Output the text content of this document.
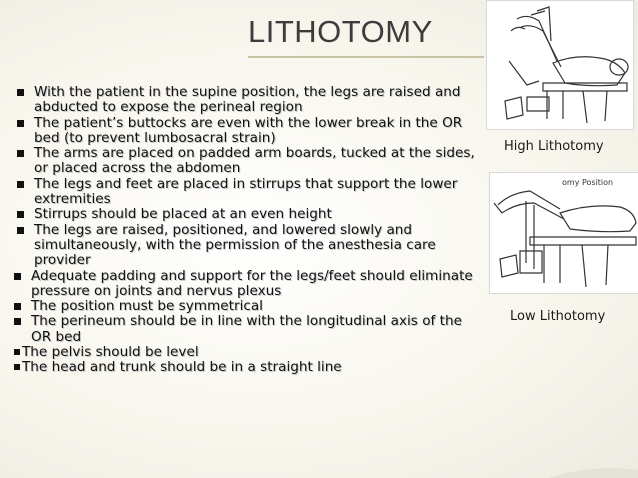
LITHOTOMY
With the patient in the supine position, the legs are raised and abducted to expose the perineal region
The patient’s buttocks are even with the lower break in the OR bed (to prevent lumbosacral strain)
The arms are placed on padded arm boards, tucked at the sides, or placed across the abdomen
The legs and feet are placed in stirrups that support the lower extremities
Stirrups should be placed at an even height
The legs are raised, positioned, and lowered slowly and simultaneously, with the permission of the anesthesia care provider
Adequate padding and support for the legs/feet should eliminate pressure on joints and nervus plexus
The position must be symmetrical
The perineum should be in line with the longitudinal axis of the OR bed
The pelvis should be level
The head and trunk should be in a straight line
High Lithotomy
omy Position
Low Lithotomy
